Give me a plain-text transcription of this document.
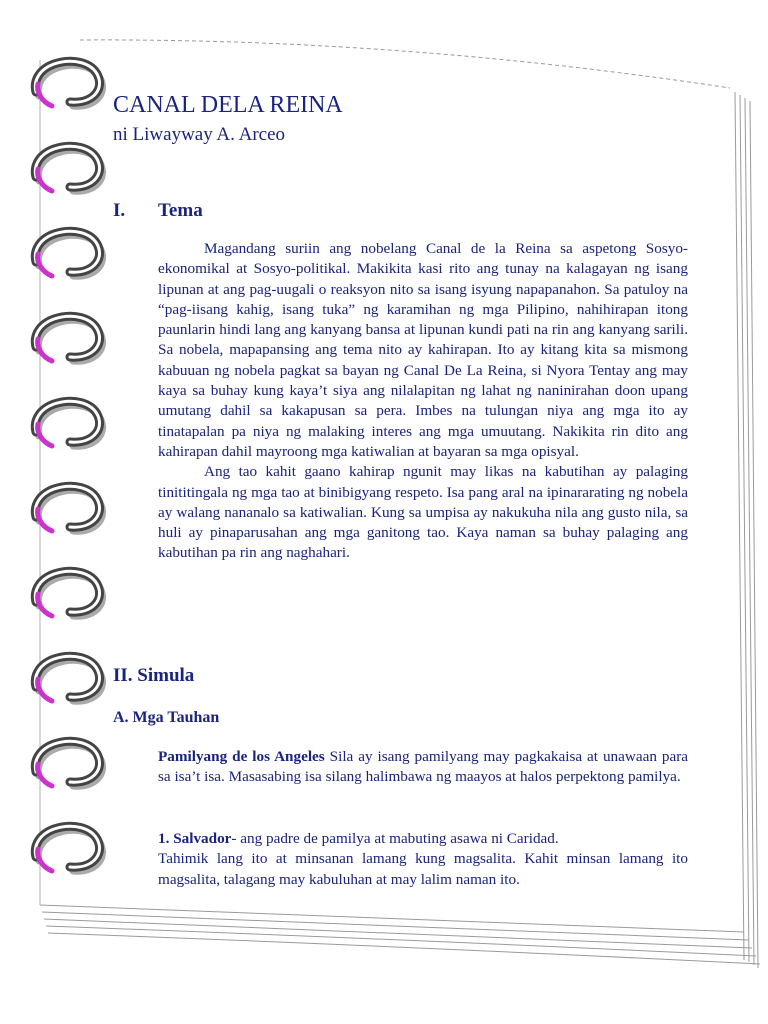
CANAL DELA REINA
ni Liwayway A. Arceo
I. Tema

Magandang suriin ang nobelang Canal de la Reina sa aspetong Sosyo-ekonomikal at Sosyo-politikal. Makikita kasi rito ang tunay na kalagayan ng isang lipunan at ang pag-uugali o reaksyon nito sa isang isyung napapanahon. Sa patuloy na “pag-iisang kahig, isang tuka” ng karamihan ng mga Pilipino, nahihirapan itong paunlarin hindi lang ang kanyang bansa at lipunan kundi pati na rin ang kanyang sarili. Sa nobela, mapapansing ang tema nito ay kahirapan. Ito ay kitang kita sa mismong kabuuan ng nobela pagkat sa bayan ng Canal De La Reina, si Nyora Tentay ang may kaya sa buhay kung kaya’t siya ang nilalapitan ng lahat ng naninirahan doon upang umutang dahil sa kakapusan sa pera. Imbes na tulungan niya ang mga ito ay tinatapalan pa niya ng malaking interes ang mga umuutang. Nakikita rin dito ang kahirapan dahil mayroong mga katiwalian at bayaran sa mga opisyal.

Ang tao kahit gaano kahirap ngunit may likas na kabutihan ay palaging tinititingala ng mga tao at binibigyang respeto. Isa pang aral na ipinararating ng nobela ay walang nananalo sa katiwalian. Kung sa umpisa ay nakukuha nila ang gusto nila, sa huli ay pinaparusahan ang mga ganitong tao. Kaya naman sa buhay palaging ang kabutihan pa rin ang naghahari.

II. Simula
A. Mga Tauhan

Pamilyang de los Angeles Sila ay isang pamilyang may pagkakaisa at unawaan para sa isa’t isa. Masasabing isa silang halimbawa ng maayos at halos perpektong pamilya.

1. Salvador- ang padre de pamilya at mabuting asawa ni Caridad.

Tahimik lang ito at minsanan lamang kung magsalita. Kahit minsan lamang ito magsalita, talagang may kabuluhan at may lalim naman ito.
